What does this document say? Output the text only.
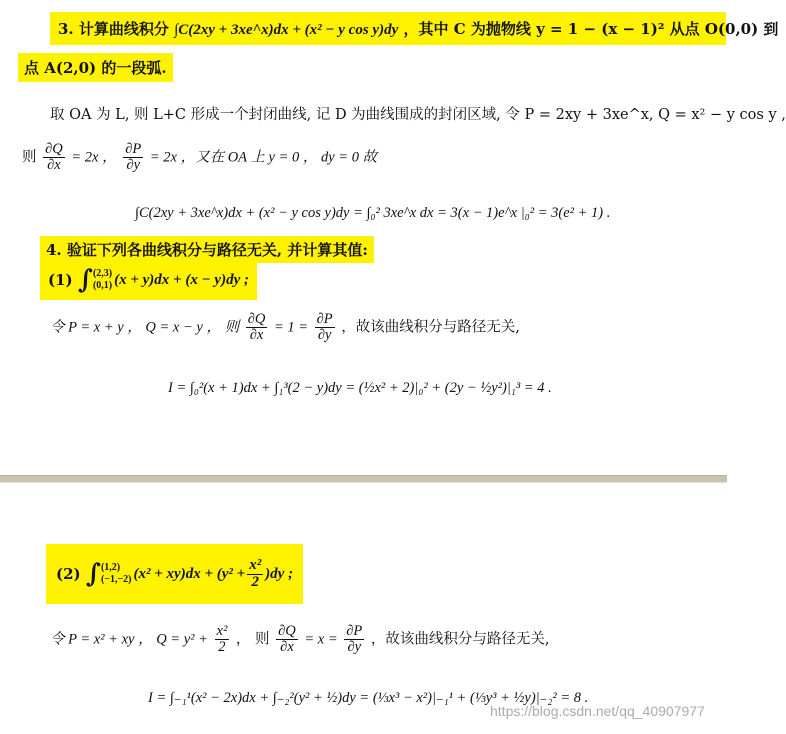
3. 计算曲线积分 ∫C(2xy + 3xe^x)dx + (x² − y cos y)dy ，其中 C 为抛物线 y = 1 − (x − 1)² 从点 O(0,0) 到
点 A(2,0) 的一段弧.
取 OA 为 L, 则 L+C 形成一个封闭曲线, 记 D 为曲线围成的封闭区域, 令 P = 2xy + 3xe^x, Q = x² − y cos y ,
则 $\frac{\partial Q}{\partial x} = 2x$ ， $\frac{\partial P}{\partial y} = 2x$ ，又在 OA 上 y = 0 ， dy = 0 故
∫C(2xy + 3xe^x)dx + (x² − y cos y)dy = ∫₀² 3xe^x dx = 3(x − 1)e^x |₀² = 3(e² + 1) .
4. 验证下列各曲线积分与路径无关, 并计算其值:
(1)
∫ (2,3)
(0,1) (x + y)dx + (x − y)dy ;
令 P = x + y ， Q = x − y ， 则 $\frac{\partial Q}{\partial x} = 1 = \frac{\partial P}{\partial y}$ ，故该曲线积分与路径无关,
I = ∫₀²(x + 1)dx + ∫₁³(2 − y)dy = (½x² + 2)|₀² + (2y − ½y²)|₁³ = 4 .
(2)
∫ (1,2)
(−1,−2) $(x^2 + xy)dx + (y^2 + \frac{\text{x²}}{2} )dy$ ;
令 P = x² + xy ， $Q = y^2 + \frac{\text{x²}}{2}$ ， 则 $\frac{\partial Q}{\partial x} = x = \frac{\partial P}{\partial y}$ ，故该曲线积分与路径无关,
I = ∫₋₁¹(x² − 2x)dx + ∫₋₂²(y² + ½)dy = (⅓x³ − x²)|₋₁¹ + (⅓y³ + ½y)|₋₂² = 8 .
https://blog.csdn.net/qq_40907977
